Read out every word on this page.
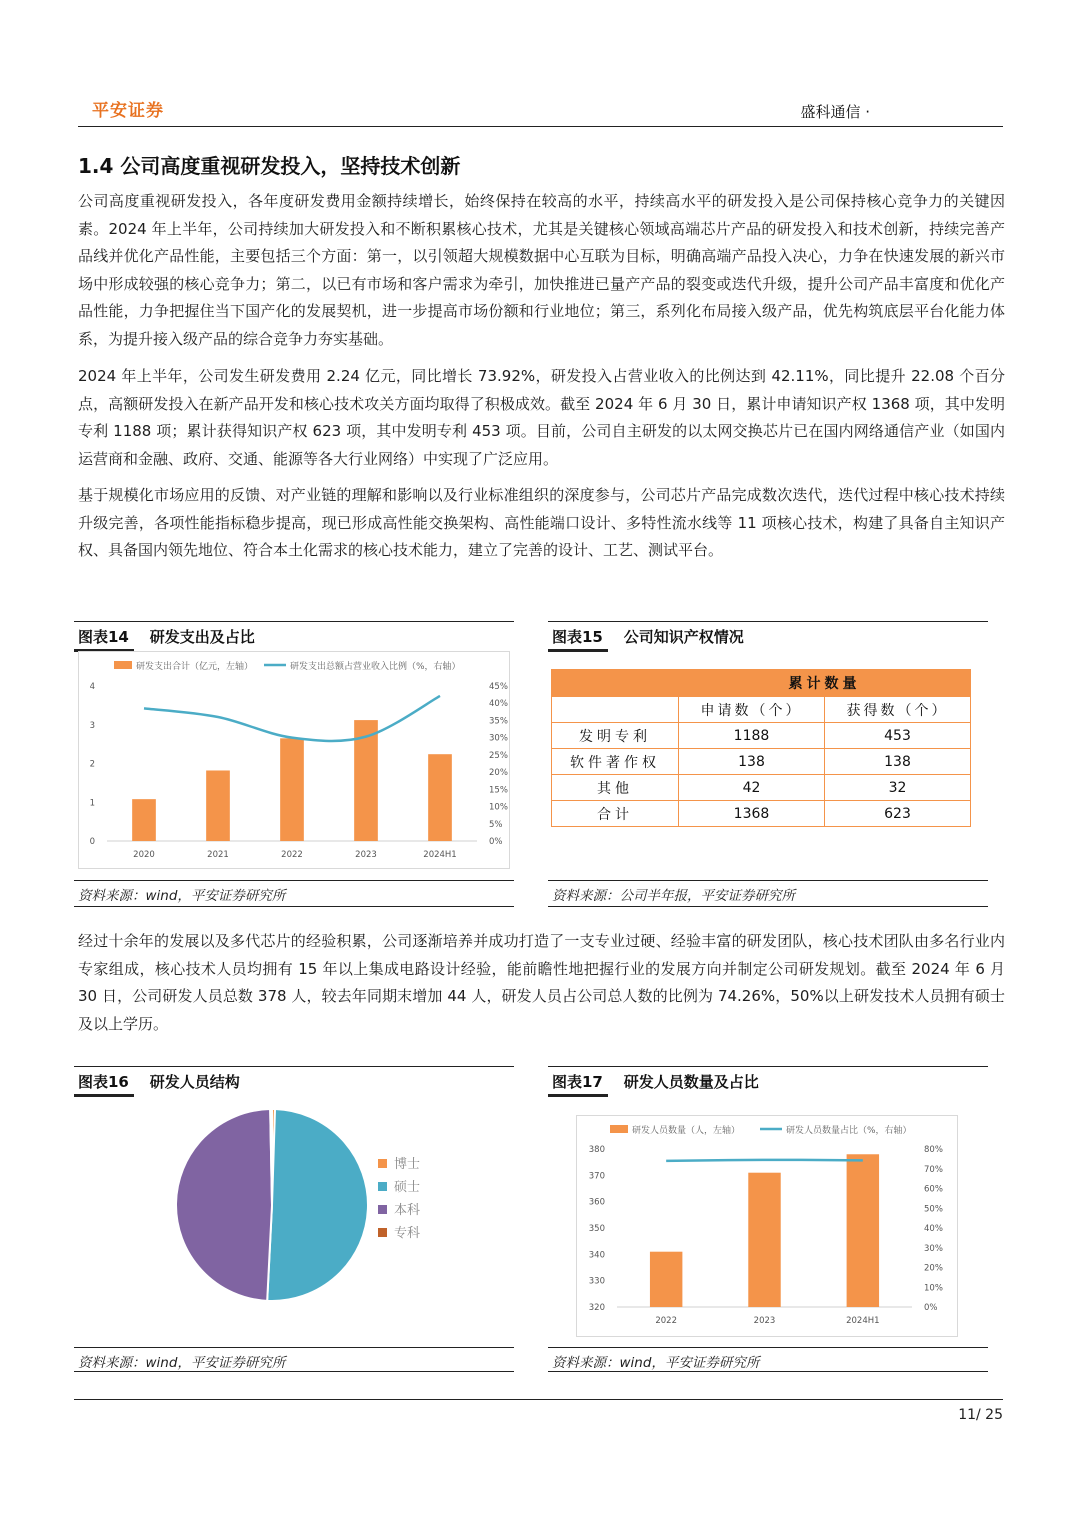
平安证券	盛科通信 ·
1.4 公司高度重视研发投入，坚持技术创新
公司高度重视研发投入，各年度研发费用金额持续增长，始终保持在较高的水平，持续高水平的研发投入是公司保持核心竞争力的关键因素。2024 年上半年，公司持续加大研发投入和不断积累核心技术，尤其是关键核心领域高端芯片产品的研发投入和技术创新，持续完善产品线并优化产品性能，主要包括三个方面：第一，以引领超大规模数据中心互联为目标，明确高端产品投入决心，力争在快速发展的新兴市场中形成较强的核心竞争力；第二，以已有市场和客户需求为牵引，加快推进已量产产品的裂变或迭代升级，提升公司产品丰富度和优化产品性能，力争把握住当下国产化的发展契机，进一步提高市场份额和行业地位；第三，系列化布局接入级产品，优先构筑底层平台化能力体系，为提升接入级产品的综合竞争力夯实基础。
2024 年上半年，公司发生研发费用 2.24 亿元，同比增长 73.92%，研发投入占营业收入的比例达到 42.11%，同比提升 22.08 个百分点，高额研发投入在新产品开发和核心技术攻关方面均取得了积极成效。截至 2024 年 6 月 30 日，累计申请知识产权 1368 项，其中发明专利 1188 项；累计获得知识产权 623 项，其中发明专利 453 项。目前，公司自主研发的以太网交换芯片已在国内网络通信产业（如国内运营商和金融、政府、交通、能源等各大行业网络）中实现了广泛应用。
基于规模化市场应用的反馈、对产业链的理解和影响以及行业标准组织的深度参与，公司芯片产品完成数次迭代，迭代过程中核心技术持续升级完善，各项性能指标稳步提高，现已形成高性能交换架构、高性能端口设计、多特性流水线等 11 项核心技术，构建了具备自主知识产权、具备国内领先地位、符合本土化需求的核心技术能力，建立了完善的设计、工艺、测试平台。
图表14 研发支出及占比
研发支出合计（亿元，左轴）	研发支出总额占营业收入比例（%，右轴）
0
1
2
3
4
0%
5%
10%
15%
20%
25%
30%
35%
40%
45%
2020	2021	2022	2023	2024H1
资料来源：wind，平安证券研究所
图表15 公司知识产权情况
	累计数量	
	申请数（个）	获得数（个）
发明专利	1188	453
软件著作权	138	138
其他	42	32
合计	1368	623
资料来源：公司半年报，平安证券研究所
经过十余年的发展以及多代芯片的经验积累，公司逐渐培养并成功打造了一支专业过硬、经验丰富的研发团队，核心技术团队由多名行业内专家组成，核心技术人员均拥有 15 年以上集成电路设计经验，能前瞻性地把握行业的发展方向并制定公司研发规划。截至 2024 年 6 月 30 日，公司研发人员总数 378 人，较去年同期末增加 44 人，研发人员占公司总人数的比例为 74.26%，50%以上研发技术人员拥有硕士及以上学历。
图表16 研发人员结构
博士
硕士
本科
专科
资料来源：wind，平安证券研究所
图表17 研发人员数量及占比
研发人员数量（人，左轴）	研发人员数量占比（%，右轴）
320
330
340
350
360
370
380
0%
10%
20%
30%
40%
50%
60%
70%
80%
2022	2023	2024H1
资料来源：wind，平安证券研究所
11/ 25
